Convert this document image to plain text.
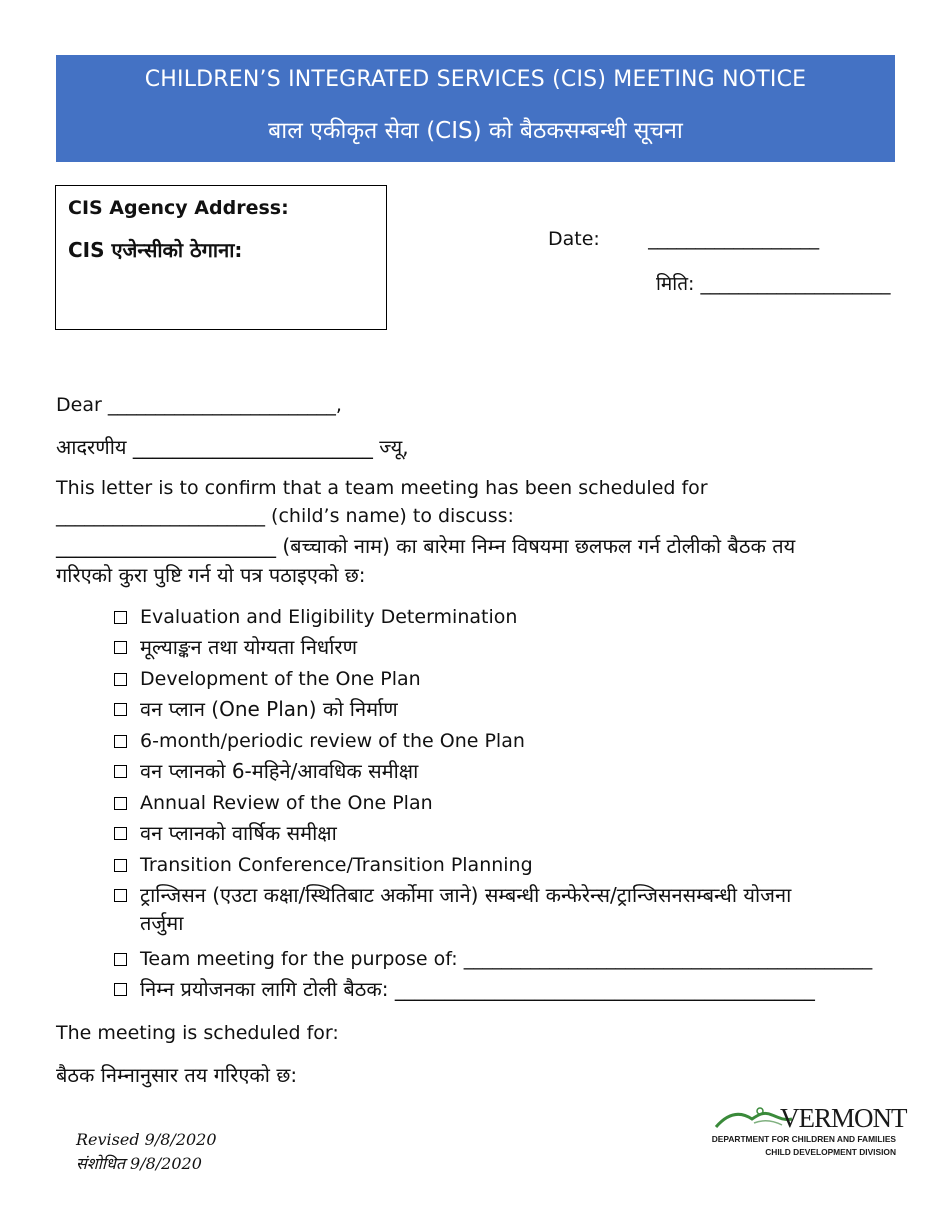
CHILDREN’S INTEGRATED SERVICES (CIS) MEETING NOTICE
बाल एकीकृत सेवा (CIS) को बैठकसम्बन्धी सूचना
CIS Agency Address:
CIS एजेन्सीको ठेगाना:	Date:        __________________
मिति: ____________________
Dear ________________________,
आदरणीय ________________________ ज्यू,
This letter is to confirm that a team meeting has been scheduled for
______________________ (child’s name) to discuss:
______________________ (बच्चाको नाम) का बारेमा निम्न विषयमा छलफल गर्न टोलीको बैठक तय
गरिएको कुरा पुष्टि गर्न यो पत्र पठाइएको छ:
Evaluation and Eligibility Determination
मूल्याङ्कन तथा योग्यता निर्धारण
Development of the One Plan
वन प्लान (One Plan) को निर्माण
6-month/periodic review of the One Plan
वन प्लानको 6-महिने/आवधिक समीक्षा
Annual Review of the One Plan
वन प्लानको वार्षिक समीक्षा
Transition Conference/Transition Planning
ट्रान्जिसन (एउटा कक्षा/स्थितिबाट अर्कोमा जाने) सम्बन्धी कन्फेरेन्स/ट्रान्जिसनसम्बन्धी योजना
तर्जुमा
Team meeting for the purpose of: ___________________________________________
निम्न प्रयोजनका लागि टोली बैठक: __________________________________________
The meeting is scheduled for:
बैठक निम्नानुसार तय गरिएको छ:
Revised 9/8/2020
संशोधित 9/8/2020
VERMONT
DEPARTMENT FOR CHILDREN AND FAMILIES
CHILD DEVELOPMENT DIVISION
